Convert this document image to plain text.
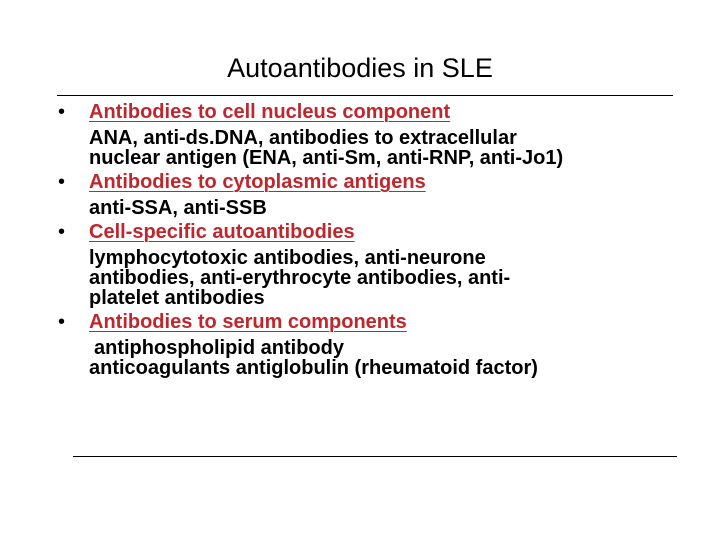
Autoantibodies in SLE
• Antibodies to cell nucleus component
ANA, anti-ds.DNA, antibodies to extracellular
nuclear antigen (ENA, anti-Sm, anti-RNP, anti-Jo1)
• Antibodies to cytoplasmic antigens
anti-SSA, anti-SSB
• Cell-specific autoantibodies
lymphocytotoxic antibodies, anti-neurone
antibodies, anti-erythrocyte antibodies, anti-
platelet antibodies
• Antibodies to serum components
antiphospholipid antibody
anticoagulants antiglobulin (rheumatoid factor)
